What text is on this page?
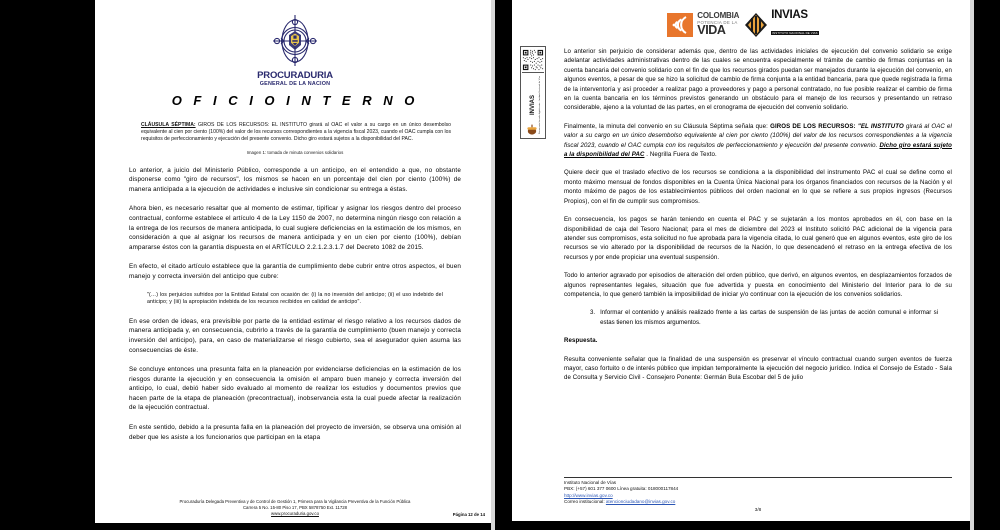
PROCURADURIA
GENERAL DE LA NACION
O F I C I O I N T E R N O
CLÁUSULA SÉPTIMA: GIROS DE LOS RECURSOS: EL INSTITUTO girará al OAC el valor a su cargo en un único desembolso equivalente al cien por ciento (100%) del valor de los recursos correspondientes a la vigencia fiscal 2023, cuando el OAC cumpla con los requisitos de perfeccionamiento y ejecución del presente convenio. Dicho giro estará sujetos a la disponibilidad del PAC.
Imagen 1: tomada de minuta convenios solidarios

Lo anterior, a juicio del Ministerio Público, corresponde a un anticipo, en el entendido a que, no obstante disponerse como "giro de recursos", los mismos se hacen en un porcentaje del cien por ciento (100%) de manera anticipada a la ejecución de actividades e inclusive sin condicionar su entrega a éstas.

Ahora bien, es necesario resaltar que al momento de estimar, tipificar y asignar los riesgos dentro del proceso contractual, conforme establece el artículo 4 de la Ley 1150 de 2007, no determina ningún riesgo con relación a la entrega de los recursos de manera anticipada, lo cual sugiere deficiencias en la estimación de los mismos, en consideración a que al asignar los recursos de manera anticipada y en un cien por ciento (100%), debían ampararse éstos con la garantía dispuesta en el ARTÍCULO 2.2.1.2.3.1.7 del Decreto 1082 de 2015.

En efecto, el citado artículo establece que la garantía de cumplimiento debe cubrir entre otros aspectos, el buen manejo y correcta inversión del anticipo que cubre:

"(…) los perjuicios sufridos por la Entidad Estatal con ocasión de: (i) la no inversión del anticipo; (ii) el uso indebido del anticipo; y (iii) la apropiación indebida de los recursos recibidos en calidad de anticipo".

En ese orden de ideas, era previsible por parte de la entidad estimar el riesgo relativo a los recursos dados de manera anticipada y, en consecuencia, cubrirlo a través de la garantía de cumplimiento (buen manejo y correcta inversión del anticipo), para, en caso de materializarse el riesgo cubierto, sea el asegurador quien asuma las consecuencias de éste.

Se concluye entonces una presunta falta en la planeación por evidenciarse deficiencias en la estimación de los riesgos durante la ejecución y en consecuencia la omisión el amparo buen manejo y correcta inversión del anticipo, lo cual, debió haber sido evaluado al momento de realizar los estudios y documentos previos que hacen parte de la etapa de planeación (precontractual), inobservancia esta la cual puede afectar la realización de la ejecución contractual.

En este sentido, debido a la presunta falla en la planeación del proyecto de inversión, se observa una omisión al deber que les asiste a los funcionarios que participan en la etapa

Procuraduría Delegada Preventiva y de Control de Gestión 1, Primera para la Vigilancia Preventiva de la Función Pública
Carrera 5 No. 15-80 Piso 17, PBX 5878750 Ext. 11728
www.procuraduria.gov.co	Página 12 de 14
COLOMBIA
POTENCIA DE LA
VIDA
INVIAS
INSTITUTO NACIONAL DE VIAS
INVIAS Documento firmado digitalmente - Instituto Nacional de Vías

Lo anterior sin perjuicio de considerar además que, dentro de las actividades iniciales de ejecución del convenio solidario se exige adelantar actividades administrativas dentro de las cuales se encuentra especialmente el trámite de cambio de firmas conjuntas en la cuenta bancaria del convenio solidario con el fin de que los recursos girados puedan ser manejados durante la ejecución del convenio, en algunos eventos, a pesar de que se hizo la solicitud de cambio de firma conjunta a la entidad bancaria, para que quede registrada la firma de la interventoría y así proceder a realizar pago a proveedores y pago a personal contratado, no fue posible realizar el cambio de firma en la cuenta bancaria en los términos previstos generando un obstáculo para el manejo de los recursos y presentando un retraso considerable, ajeno a la voluntad de las partes, en el cronograma de ejecución del convenio solidario.

Finalmente, la minuta del convenio en su Cláusula Séptima señala que: GIROS DE LOS RECURSOS: "EL INSTITUTO girará al OAC el valor a su cargo en un único desembolso equivalente al cien por ciento (100%) del valor de los recursos correspondientes a la vigencia fiscal 2023, cuando el OAC cumpla con los requisitos de perfeccionamiento y ejecución del presente convenio. Dicho giro estará sujeto a la disponibilidad del PAC . Negrilla Fuera de Texto.

Quiere decir que el traslado efectivo de los recursos se condiciona a la disponibilidad del instrumento PAC el cual se define como el monto máximo mensual de fondos disponibles en la Cuenta Única Nacional para los órganos financiados con recursos de la Nación y el monto máximo de pagos de los establecimientos públicos del orden nacional en lo que se refiere a sus propios ingresos (Recursos Propios), con el fin de cumplir sus compromisos.

En consecuencia, los pagos se harán teniendo en cuenta el PAC y se sujetarán a los montos aprobados en él, con base en la disponibilidad de caja del Tesoro Nacional; para el mes de diciembre del 2023 el Instituto solicitó PAC adicional de la vigencia para atender sus compromisos, esta solicitud no fue aprobada para la vigencia citada, lo cual generó que en algunos eventos, este giro de los recursos se vio alterado por la disponibilidad de recursos de la Nación, lo que desencadenó el retraso en la entrega efectiva de los recursos y por ende propiciar una eventual suspensión.

Todo lo anterior agravado por episodios de alteración del orden público, que derivó, en algunos eventos, en desplazamientos forzados de algunos representantes legales, situación que fue advertida y puesta en conocimiento del Ministerio del Interior para lo de su competencia, lo que generó también la imposibilidad de iniciar y/o continuar con la ejecución de los convenios solidarios.

3. Informar el contenido y análisis realizado frente a las cartas de suspensión de las juntas de acción comunal e informar si estas tienen los mismos argumentos.

Respuesta.

Resulta conveniente señalar que la finalidad de una suspensión es preservar el vínculo contractual cuando surgen eventos de fuerza mayor, caso fortuito o de interés público que impidan temporalmente la ejecución del negocio jurídico. Indica el Consejo de Estado - Sala de Consulta y Servicio Civil - Consejero Ponente: Germán Bula Escobar del 5 de julio

Instituto Nacional de Vías
PBX: (+57) 601 377 0600 Línea gratuita: 018000117844
http://www.invias.gov.co
Correo institucional: atencionciudadano@invias.gov.co
3/8
